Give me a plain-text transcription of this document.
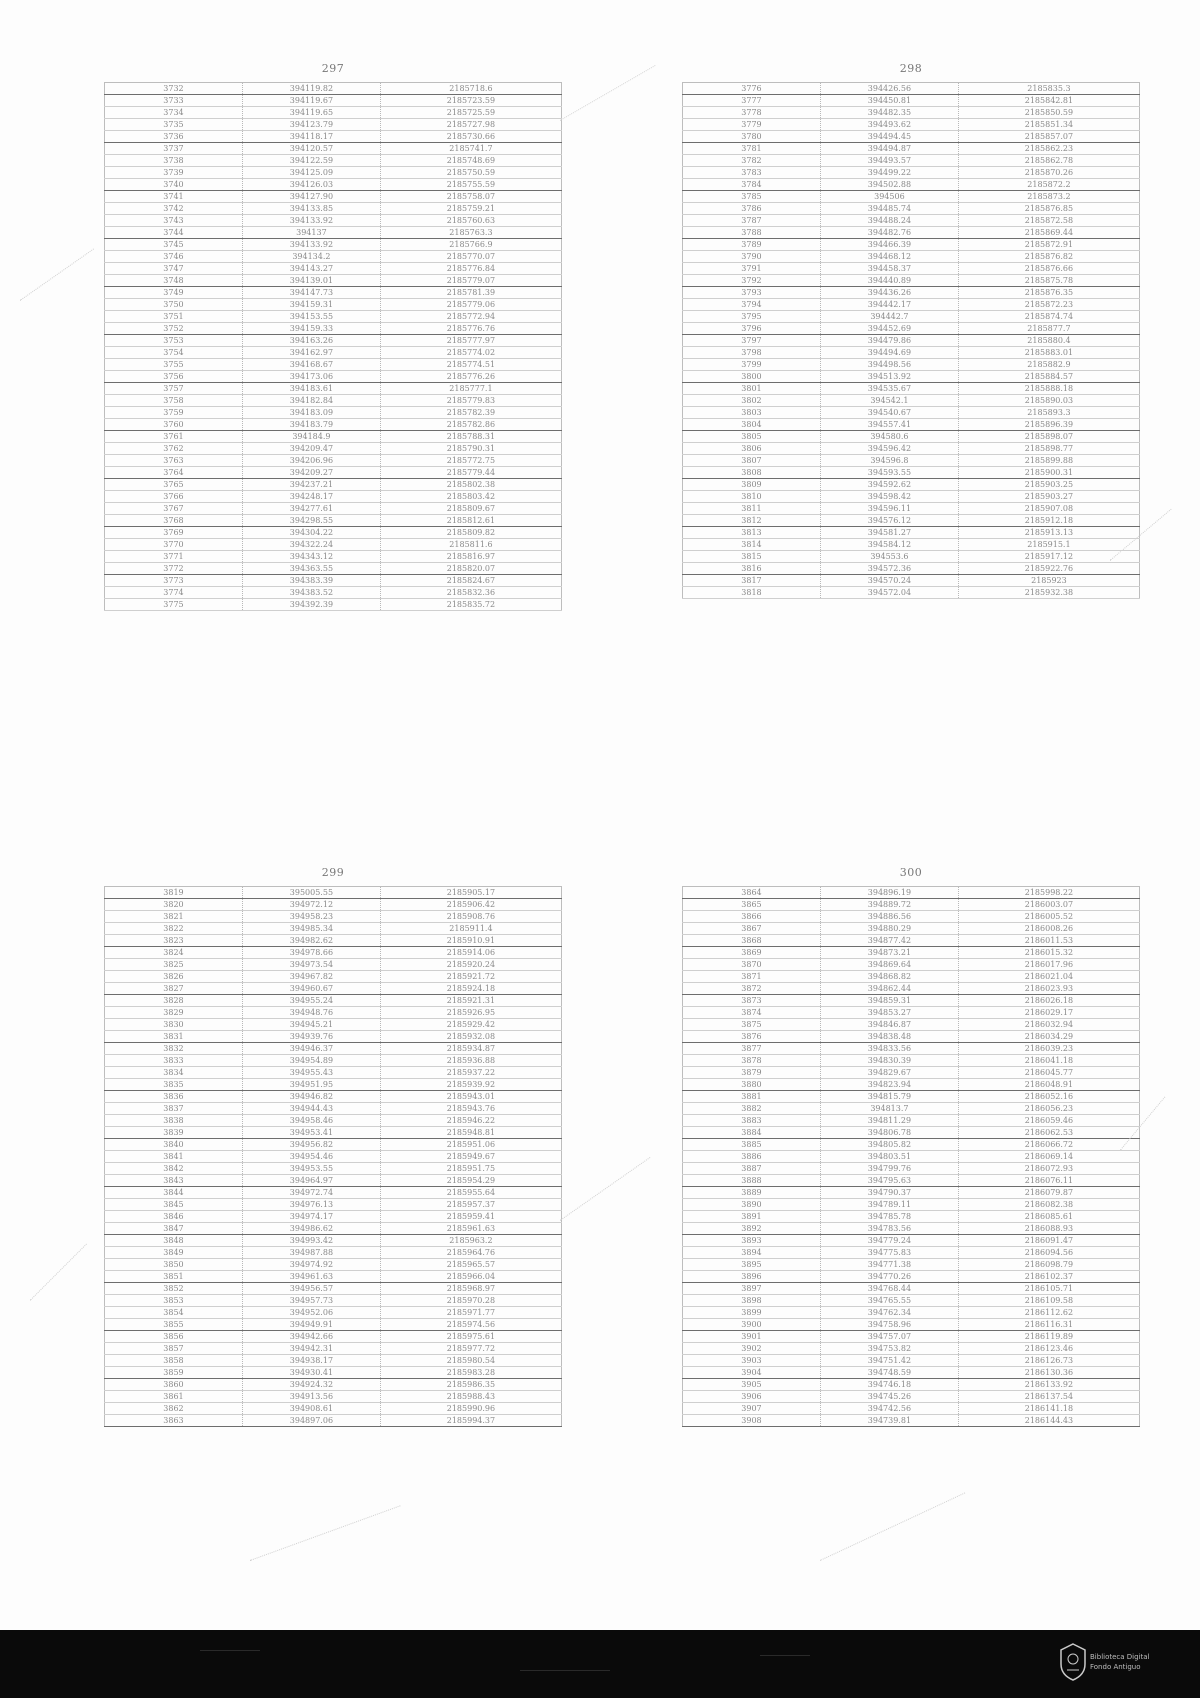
297
3732	394119.82	2185718.6
3733	394119.67	2185723.59
3734	394119.65	2185725.59
3735	394123.79	2185727.98
3736	394118.17	2185730.66
3737	394120.57	2185741.7
3738	394122.59	2185748.69
3739	394125.09	2185750.59
3740	394126.03	2185755.59
3741	394127.90	2185758.07
3742	394133.85	2185759.21
3743	394133.92	2185760.63
3744	394137	2185763.3
3745	394133.92	2185766.9
3746	394134.2	2185770.07
3747	394143.27	2185776.84
3748	394139.01	2185779.07
3749	394147.73	2185781.39
3750	394159.31	2185779.06
3751	394153.55	2185772.94
3752	394159.33	2185776.76
3753	394163.26	2185777.97
3754	394162.97	2185774.02
3755	394168.67	2185774.51
3756	394173.06	2185776.26
3757	394183.61	2185777.1
3758	394182.84	2185779.83
3759	394183.09	2185782.39
3760	394183.79	2185782.86
3761	394184.9	2185788.31
3762	394209.47	2185790.31
3763	394206.96	2185772.75
3764	394209.27	2185779.44
3765	394237.21	2185802.38
3766	394248.17	2185803.42
3767	394277.61	2185809.67
3768	394298.55	2185812.61
3769	394304.22	2185809.82
3770	394322.24	2185811.6
3771	394343.12	2185816.97
3772	394363.55	2185820.07
3773	394383.39	2185824.67
3774	394383.52	2185832.36
3775	394392.39	2185835.72
298
3776	394426.56	2185835.3
3777	394450.81	2185842.81
3778	394482.35	2185850.59
3779	394493.62	2185851.34
3780	394494.45	2185857.07
3781	394494.87	2185862.23
3782	394493.57	2185862.78
3783	394499.22	2185870.26
3784	394502.88	2185872.2
3785	394506	2185873.2
3786	394485.74	2185876.85
3787	394488.24	2185872.58
3788	394482.76	2185869.44
3789	394466.39	2185872.91
3790	394468.12	2185876.82
3791	394458.37	2185876.66
3792	394440.89	2185875.78
3793	394436.26	2185876.35
3794	394442.17	2185872.23
3795	394442.7	2185874.74
3796	394452.69	2185877.7
3797	394479.86	2185880.4
3798	394494.69	2185883.01
3799	394498.56	2185882.9
3800	394513.92	2185884.57
3801	394535.67	2185888.18
3802	394542.1	2185890.03
3803	394540.67	2185893.3
3804	394557.41	2185896.39
3805	394580.6	2185898.07
3806	394596.42	2185898.77
3807	394596.8	2185899.88
3808	394593.55	2185900.31
3809	394592.62	2185903.25
3810	394598.42	2185903.27
3811	394596.11	2185907.08
3812	394576.12	2185912.18
3813	394581.27	2185913.13
3814	394584.12	2185915.1
3815	394553.6	2185917.12
3816	394572.36	2185922.76
3817	394570.24	2185923
3818	394572.04	2185932.38
299
3819	395005.55	2185905.17
3820	394972.12	2185906.42
3821	394958.23	2185908.76
3822	394985.34	2185911.4
3823	394982.62	2185910.91
3824	394978.66	2185914.06
3825	394973.54	2185920.24
3826	394967.82	2185921.72
3827	394960.67	2185924.18
3828	394955.24	2185921.31
3829	394948.76	2185926.95
3830	394945.21	2185929.42
3831	394939.76	2185932.08
3832	394946.37	2185934.87
3833	394954.89	2185936.88
3834	394955.43	2185937.22
3835	394951.95	2185939.92
3836	394946.82	2185943.01
3837	394944.43	2185943.76
3838	394958.46	2185946.22
3839	394953.41	2185948.81
3840	394956.82	2185951.06
3841	394954.46	2185949.67
3842	394953.55	2185951.75
3843	394964.97	2185954.29
3844	394972.74	2185955.64
3845	394976.13	2185957.37
3846	394974.17	2185959.41
3847	394986.62	2185961.63
3848	394993.42	2185963.2
3849	394987.88	2185964.76
3850	394974.92	2185965.57
3851	394961.63	2185966.04
3852	394956.57	2185968.97
3853	394957.73	2185970.28
3854	394952.06	2185971.77
3855	394949.91	2185974.56
3856	394942.66	2185975.61
3857	394942.31	2185977.72
3858	394938.17	2185980.54
3859	394930.41	2185983.28
3860	394924.32	2185986.35
3861	394913.56	2185988.43
3862	394908.61	2185990.96
3863	394897.06	2185994.37
300
3864	394896.19	2185998.22
3865	394889.72	2186003.07
3866	394886.56	2186005.52
3867	394880.29	2186008.26
3868	394877.42	2186011.53
3869	394873.21	2186015.32
3870	394869.64	2186017.96
3871	394868.82	2186021.04
3872	394862.44	2186023.93
3873	394859.31	2186026.18
3874	394853.27	2186029.17
3875	394846.87	2186032.94
3876	394838.48	2186034.29
3877	394833.56	2186039.23
3878	394830.39	2186041.18
3879	394829.67	2186045.77
3880	394823.94	2186048.91
3881	394815.79	2186052.16
3882	394813.7	2186056.23
3883	394811.29	2186059.46
3884	394806.78	2186062.53
3885	394805.82	2186066.72
3886	394803.51	2186069.14
3887	394799.76	2186072.93
3888	394795.63	2186076.11
3889	394790.37	2186079.87
3890	394789.11	2186082.38
3891	394785.78	2186085.61
3892	394783.56	2186088.93
3893	394779.24	2186091.47
3894	394775.83	2186094.56
3895	394771.38	2186098.79
3896	394770.26	2186102.37
3897	394768.44	2186105.71
3898	394765.55	2186109.58
3899	394762.34	2186112.62
3900	394758.96	2186116.31
3901	394757.07	2186119.89
3902	394753.82	2186123.46
3903	394751.42	2186126.73
3904	394748.59	2186130.36
3905	394746.18	2186133.92
3906	394745.26	2186137.54
3907	394742.56	2186141.18
3908	394739.81	2186144.43
Biblioteca Digital
Fondo Antiguo
